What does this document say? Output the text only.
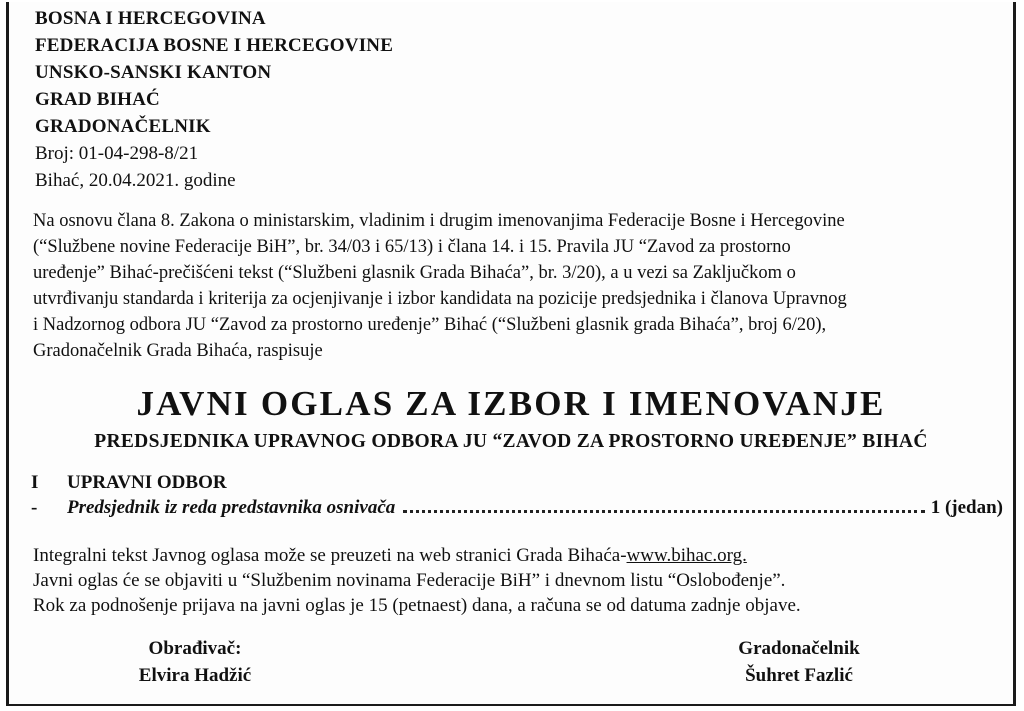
BOSNA I HERCEGOVINA
FEDERACIJA BOSNE I HERCEGOVINE
UNSKO-SANSKI KANTON
GRAD BIHAĆ
GRADONAČELNIK
Broj: 01-04-298-8/21
Bihać, 20.04.2021. godine
Na osnovu člana 8. Zakona o ministarskim, vladinim i drugim imenovanjima Federacije Bosne i Hercegovine
(“Službene novine Federacije BiH”, br. 34/03 i 65/13) i člana 14. i 15. Pravila JU “Zavod za prostorno
uređenje” Bihać-prečišćeni tekst (“Službeni glasnik Grada Bihaća”, br. 3/20), a u vezi sa Zaključkom o
utvrđivanju standarda i kriterija za ocjenjivanje i izbor kandidata na pozicije predsjednika i članova Upravnog
i Nadzornog odbora JU “Zavod za prostorno uređenje” Bihać (“Službeni glasnik grada Bihaća”, broj 6/20),
Gradonačelnik Grada Bihaća, raspisuje
JAVNI OGLAS ZA IZBOR I IMENOVANJE
PREDSJEDNIKA UPRAVNOG ODBORA JU “ZAVOD ZA PROSTORNO UREĐENJE” BIHAĆ
I UPRAVNI ODBOR
-	Predsjednik iz reda predstavnika osnivača	1 (jedan)
Integralni tekst Javnog oglasa može se preuzeti na web stranici Grada Bihaća-www.bihac.org.
Javni oglas će se objaviti u “Službenim novinama Federacije BiH” i dnevnom listu “Oslobođenje”.
Rok za podnošenje prijava na javni oglas je 15 (petnaest) dana, a računa se od datuma zadnje objave.
Obrađivač:
Elvira Hadžić
Gradonačelnik
Šuhret Fazlić
